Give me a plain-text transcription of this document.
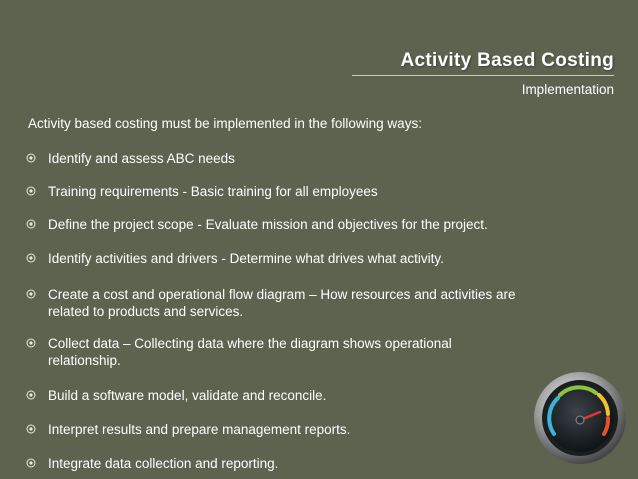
Activity Based Costing
Implementation
Activity based costing must be implemented in the following ways:
Identify and assess ABC needs
Training requirements - Basic training for all employees
Define the project scope - Evaluate mission and objectives for the project.
Identify activities and drivers - Determine what drives what activity.
Create a cost and operational flow diagram – How resources and activities are related to products and services.
Collect data – Collecting data where the diagram shows operational relationship.
Build a software model, validate and reconcile.
Interpret results and prepare management reports.
Integrate data collection and reporting.
